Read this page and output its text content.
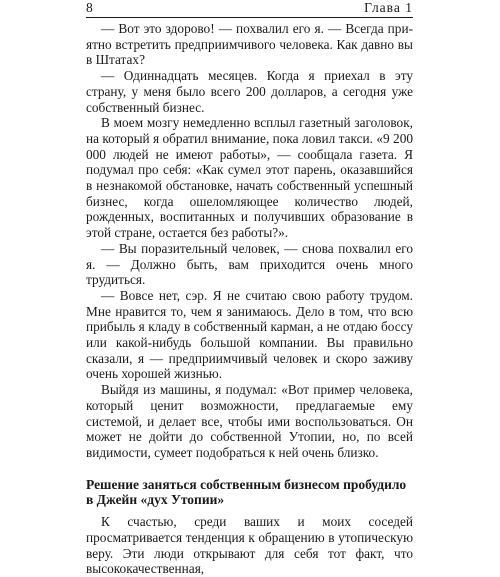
8	Глава 1

— Вот это здорово! — похвалил его я. — Всегда приятно встретить предприимчивого человека. Как давно вы в Штатах?

— Одиннадцать месяцев. Когда я приехал в эту страну, у меня было всего 200 долларов, а сегодня уже собственный бизнес.

В моем мозгу немедленно всплыл газетный заголовок, на который я обратил внимание, пока ловил такси. «9 200 000 людей не имеют работы», — сообщала газета. Я подумал про себя: «Как сумел этот парень, оказавшийся в незнакомой обстановке, начать собственный успешный бизнес, когда ошеломляющее количество людей, рожденных, воспитанных и получивших образование в этой стране, остается без работы?».

— Вы поразительный человек, — снова похвалил его я. — Должно быть, вам приходится очень много трудиться.

— Вовсе нет, сэр. Я не считаю свою работу трудом. Мне нравится то, чем я занимаюсь. Дело в том, что всю прибыль я кладу в собственный карман, а не отдаю боссу или какой-нибудь большой компании. Вы правильно сказали, я — предприимчивый человек и скоро заживу очень хорошей жизнью.

Выйдя из машины, я подумал: «Вот пример человека, который ценит возможности, предлагаемые ему системой, и делает все, чтобы ими воспользоваться. Он может не дойти до собственной Утопии, но, по всей видимости, сумеет подобраться к ней очень близко.

Решение заняться собственным бизнесом пробудило
в Джейн «дух Утопии»

К счастью, среди ваших и моих соседей просматривается тенденция к обращению в утопическую веру. Эти люди открывают для себя тот факт, что высококачественная,
